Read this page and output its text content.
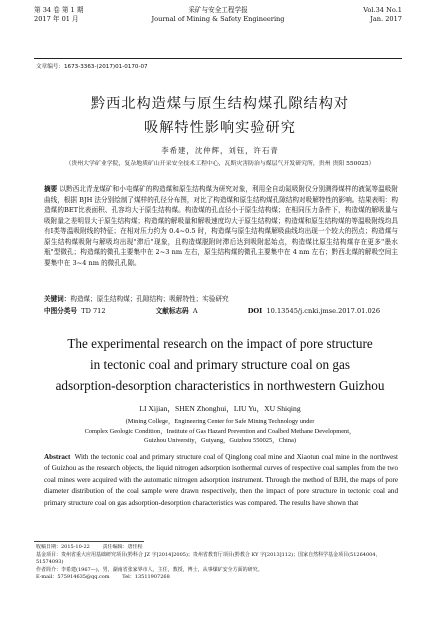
第 34 卷 第 1 期
2017 年 01 月
采矿与安全工程学报
Journal of Mining & Safety Engineering
Vol.34 No.1
Jan. 2017
文章编号：1673-3363-(2017)01-0170-07
黔西北构造煤与原生结构煤孔隙结构对
吸解特性影响实验研究
李希建，沈仲辉，刘钰，许石青
（贵州大学矿业学院，复杂地质矿山开采安全技术工程中心，瓦斯灾害防治与煤层气开发研究所，贵州 贵阳 550025）
摘要 以黔西北青龙煤矿和小屯煤矿的构造煤和原生结构煤为研究对象，利用全自动氮吸附仪分别测得煤样的液氮等温吸附曲线，根据 BJH 法分别绘制了煤样的孔径分布图，对比了构造煤和原生结构煤孔隙结构对吸解特性的影响。结果表明：构造煤的BET比表面积、孔容均大于原生结构煤。构造煤的孔直径小于原生结构煤；在相同压力条件下，构造煤的解吸量与吸附量之差明显大于原生结构煤；构造煤的解吸量和解吸速度均大于原生结构煤；构造煤和原生结构煤的等温吸附线均具有І类等温吸附线的特征；在相对压力约为 0.4~0.5 时，构造煤与原生结构煤解吸曲线均出现一个较大的拐点；构造煤与原生结构煤吸附与解吸均出现"滞后"现象，且构造煤脱附时滞后达到吸附起始点，构造煤比原生结构煤存在更多"墨水瓶"型微孔；构造煤的微孔主要集中在 2~3 nm 左右，原生结构煤的微孔主要集中在 4 nm 左右；黔西北煤的解吸空间主要集中在 3~4 nm 的微孔孔隙。
关键词：构造煤；原生结构煤；孔隙结构；吸解特性；实验研究
中图分类号 TD 712	文献标志码 A	DOI 10.13545/j.cnki.jmse.2017.01.026
The experimental research on the impact of pore structure
in tectonic coal and primary structure coal on gas
adsorption-desorption characteristics in northwestern Guizhou
LI Xijian，SHEN Zhonghui，LIU Yu，XU Shiqing
(Mining College，Engineering Center for Safe Mining Technology under
Complex Geologic Condition，Institute of Gas Hazard Prevention and Coalbed Methane Development，
Guizhou University，Guiyang，Guizhou 550025，China)
Abstract With the tectonic coal and primary structure coal of Qinglong coal mine and Xiaotun coal mine in the northwest of Guizhou as the research objects, the liquid nitrogen adsorption isothermal curves of respective coal samples from the two coal mines were acquired with the automatic nitrogen adsorption instrument. Through the method of BJH, the maps of pore diameter distribution of the coal sample were drawn respectively, then the impact of pore structure in tectonic coal and primary structure coal on gas adsorption-desorption characteristics was compared. The results have shown that
收稿日期：2015-10-22	责任编辑：唐佳程
基金项目：贵州省重大应用基础研究项目(黔科合 JZ 字[2014]2005)；贵州省教育厅项目(黔教合 KY 字[2013]112)；国家自然科学基金项目(51264004，51574093)
作者简介：李希建(1967—)，男，湖南省张家界市人，主任，教授，博士，从事煤矿安全方面的研究。
E-mail：575914635@qq.com	Tel：13511907268
